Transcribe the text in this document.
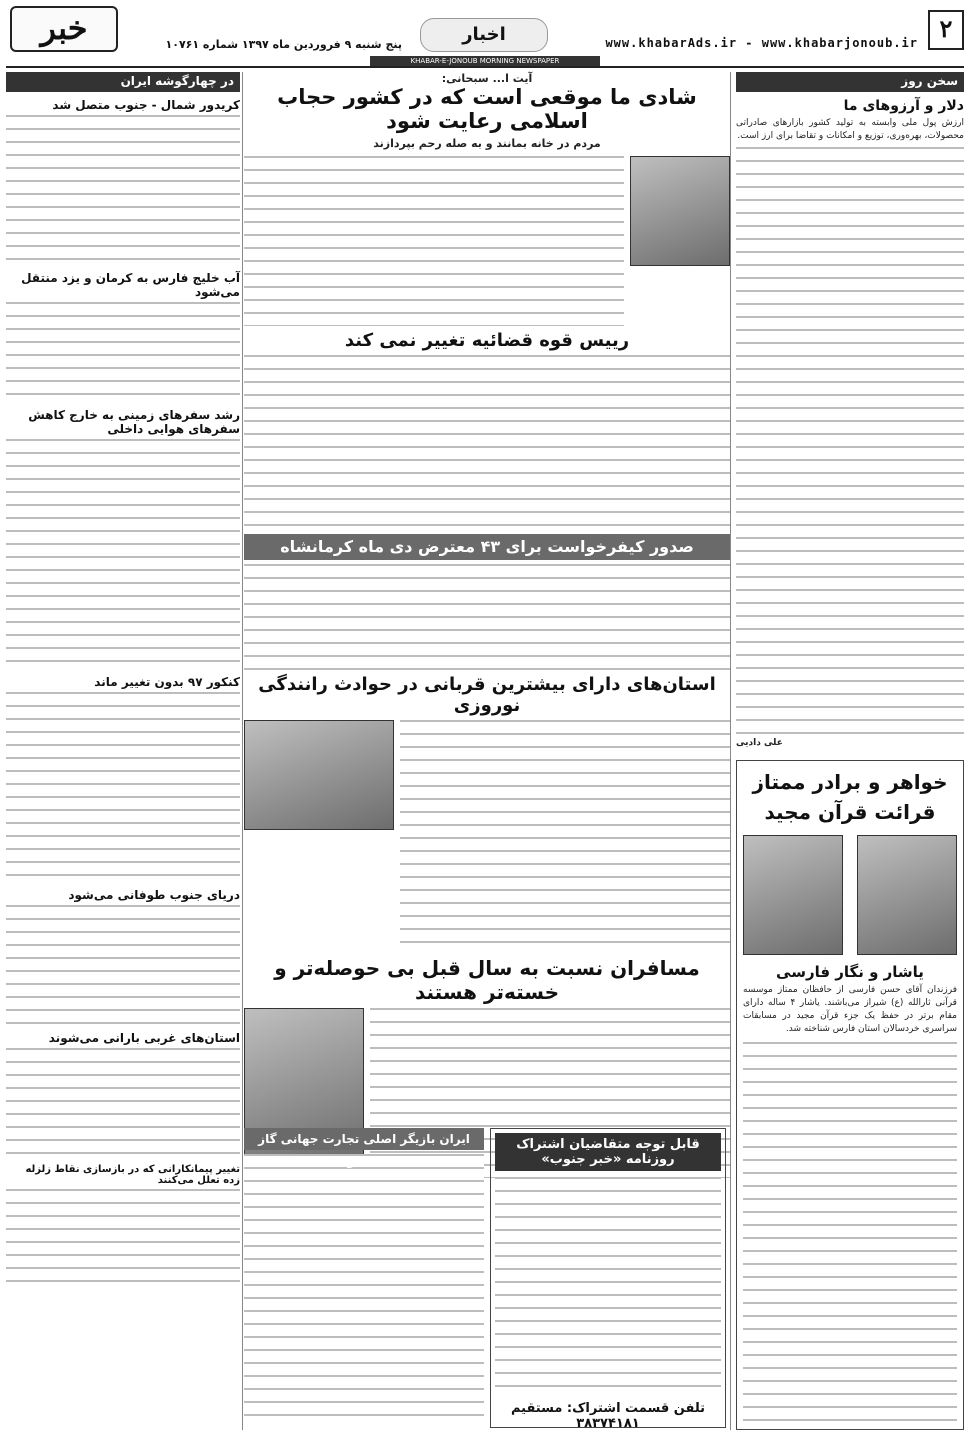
۲
www.khabarAds.ir - www.khabarjonoub.ir
اخبار
پنج شنبه ۹ فروردین ماه ۱۳۹۷ شماره ۱۰۷۶۱
خبر
KHABAR-E-JONOUB MORNING NEWSPAPER
سخن روز
دلار و آرزوهای ما
ارزش پول ملی وابسته به تولید کشور بازارهای صادراتی محصولات، بهره‌وری، توزیع و امکانات و تقاضا برای ارز است.
علی دادیی
خواهر و برادر ممتاز قرائت قرآن مجید
یاشار و نگار فارسی
فرزندان آقای حسن فارسی از حافظان ممتاز موسسه قرآنی ثارالله (ع) شیراز می‌باشند. یاشار ۴ ساله دارای مقام برتر در حفظ یک جزء قرآن مجید در مسابقات سراسری خردسالان استان فارس شناخته شد.
آیت ا... سبحانی:
شادی ما موقعی است که در کشور حجاب اسلامی رعایت شود
مردم در خانه بمانند و به صله رحم بپردازند
رییس قوه قضائیه تغییر نمی کند
صدور کیفرخواست برای ۴۳ معترض دی ماه کرمانشاه
استان‌های دارای بیشترین قربانی در حوادث رانندگی نوروزی
مسافران نسبت به سال قبل بی حوصله‌تر و خسته‌تر هستند
قابل توجه متقاضیان اشتراک روزنامه «خبر جنوب»
تلفن قسمت اشتراک: مستقیم ۳۸۳۷۴۱۸۱
ایران بازیگر اصلی تجارت جهانی گاز می‌شود
در چهارگوشه ایران
کریدور شمال - جنوب متصل شد
آب خلیج فارس به کرمان و یزد منتقل می‌شود
رشد سفرهای زمینی به خارج کاهش سفرهای هوایی داخلی
کنکور ۹۷ بدون تغییر ماند
دریای جنوب طوفانی می‌شود
استان‌های غربی بارانی می‌شوند
تغییر پیمانکارانی که در بازسازی نقاط زلزله زده تعلل می‌کنند
